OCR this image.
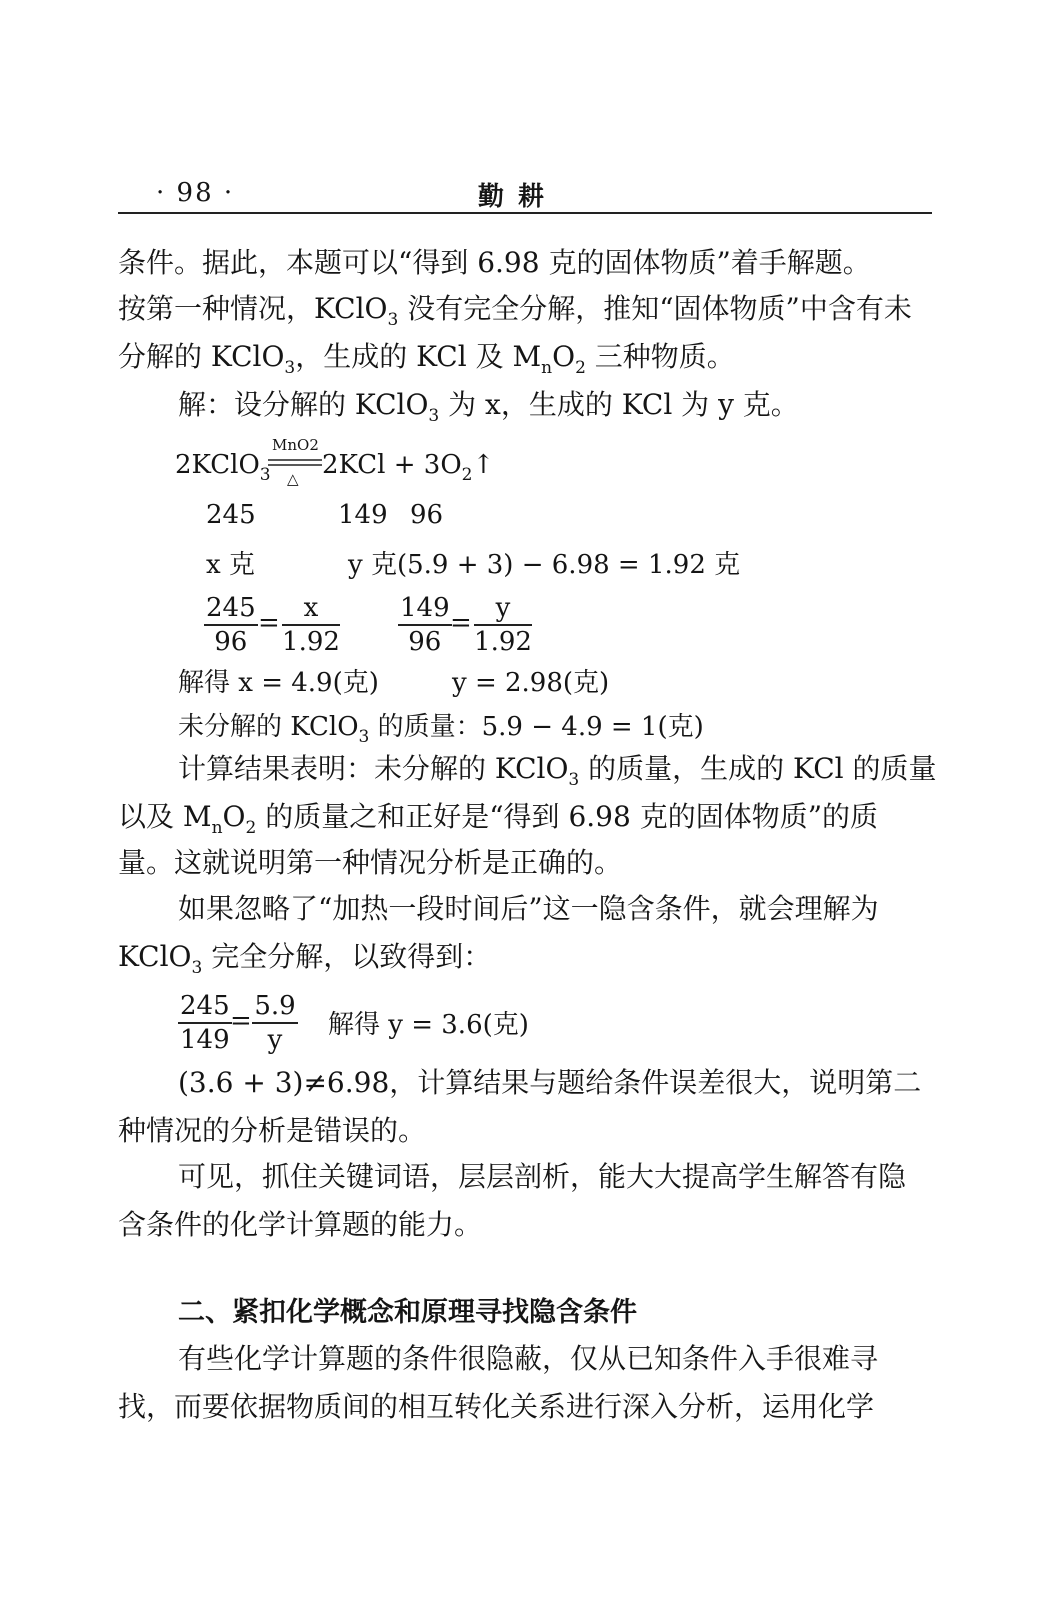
· 98 ·	勤耕
条件。据此，本题可以“得到 6.98 克的固体物质”着手解题。
按第一种情况，KClO$_3$ 没有完全分解，推知“固体物质”中含有未
分解的 KClO$_3$，生成的 KCl 及 $M_nO_2$ 三种物质。
解：设分解的 KClO$_3$ 为 x，生成的 KCl 为 y 克。
2KClO$_3$
MnO2
△ $2KCl + 3O_2↑$
245	149 96
x 克	y 克(5.9 + 3) − 6.98 = 1.92 克
$\frac{245}{96} = \frac{x}{1.92} \frac{149}{96}$
= $\frac{y}{1.92}$
解得 x = 4.9(克)	y = 2.98(克)
未分解的 KClO$_3$ 的质量：5.9 − 4.9 = 1(克)
计算结果表明：未分解的 KClO$_3$ 的质量，生成的 KCl 的质量
以及 $M_nO_2$ 的质量之和正好是“得到 6.98 克的固体物质”的质
量。这就说明第一种情况分析是正确的。
如果忽略了“加热一段时间后”这一隐含条件，就会理解为
KClO$_3$ 完全分解，以致得到：
$\frac{245}{149}$
= $\frac{5.9}{y}$ 解得 y = 3.6(克)
(3.6 + 3)≠6.98，计算结果与题给条件误差很大，说明第二
种情况的分析是错误的。
可见，抓住关键词语，层层剖析，能大大提高学生解答有隐
含条件的化学计算题的能力。
二、紧扣化学概念和原理寻找隐含条件
有些化学计算题的条件很隐蔽，仅从已知条件入手很难寻
找，而要依据物质间的相互转化关系进行深入分析，运用化学
